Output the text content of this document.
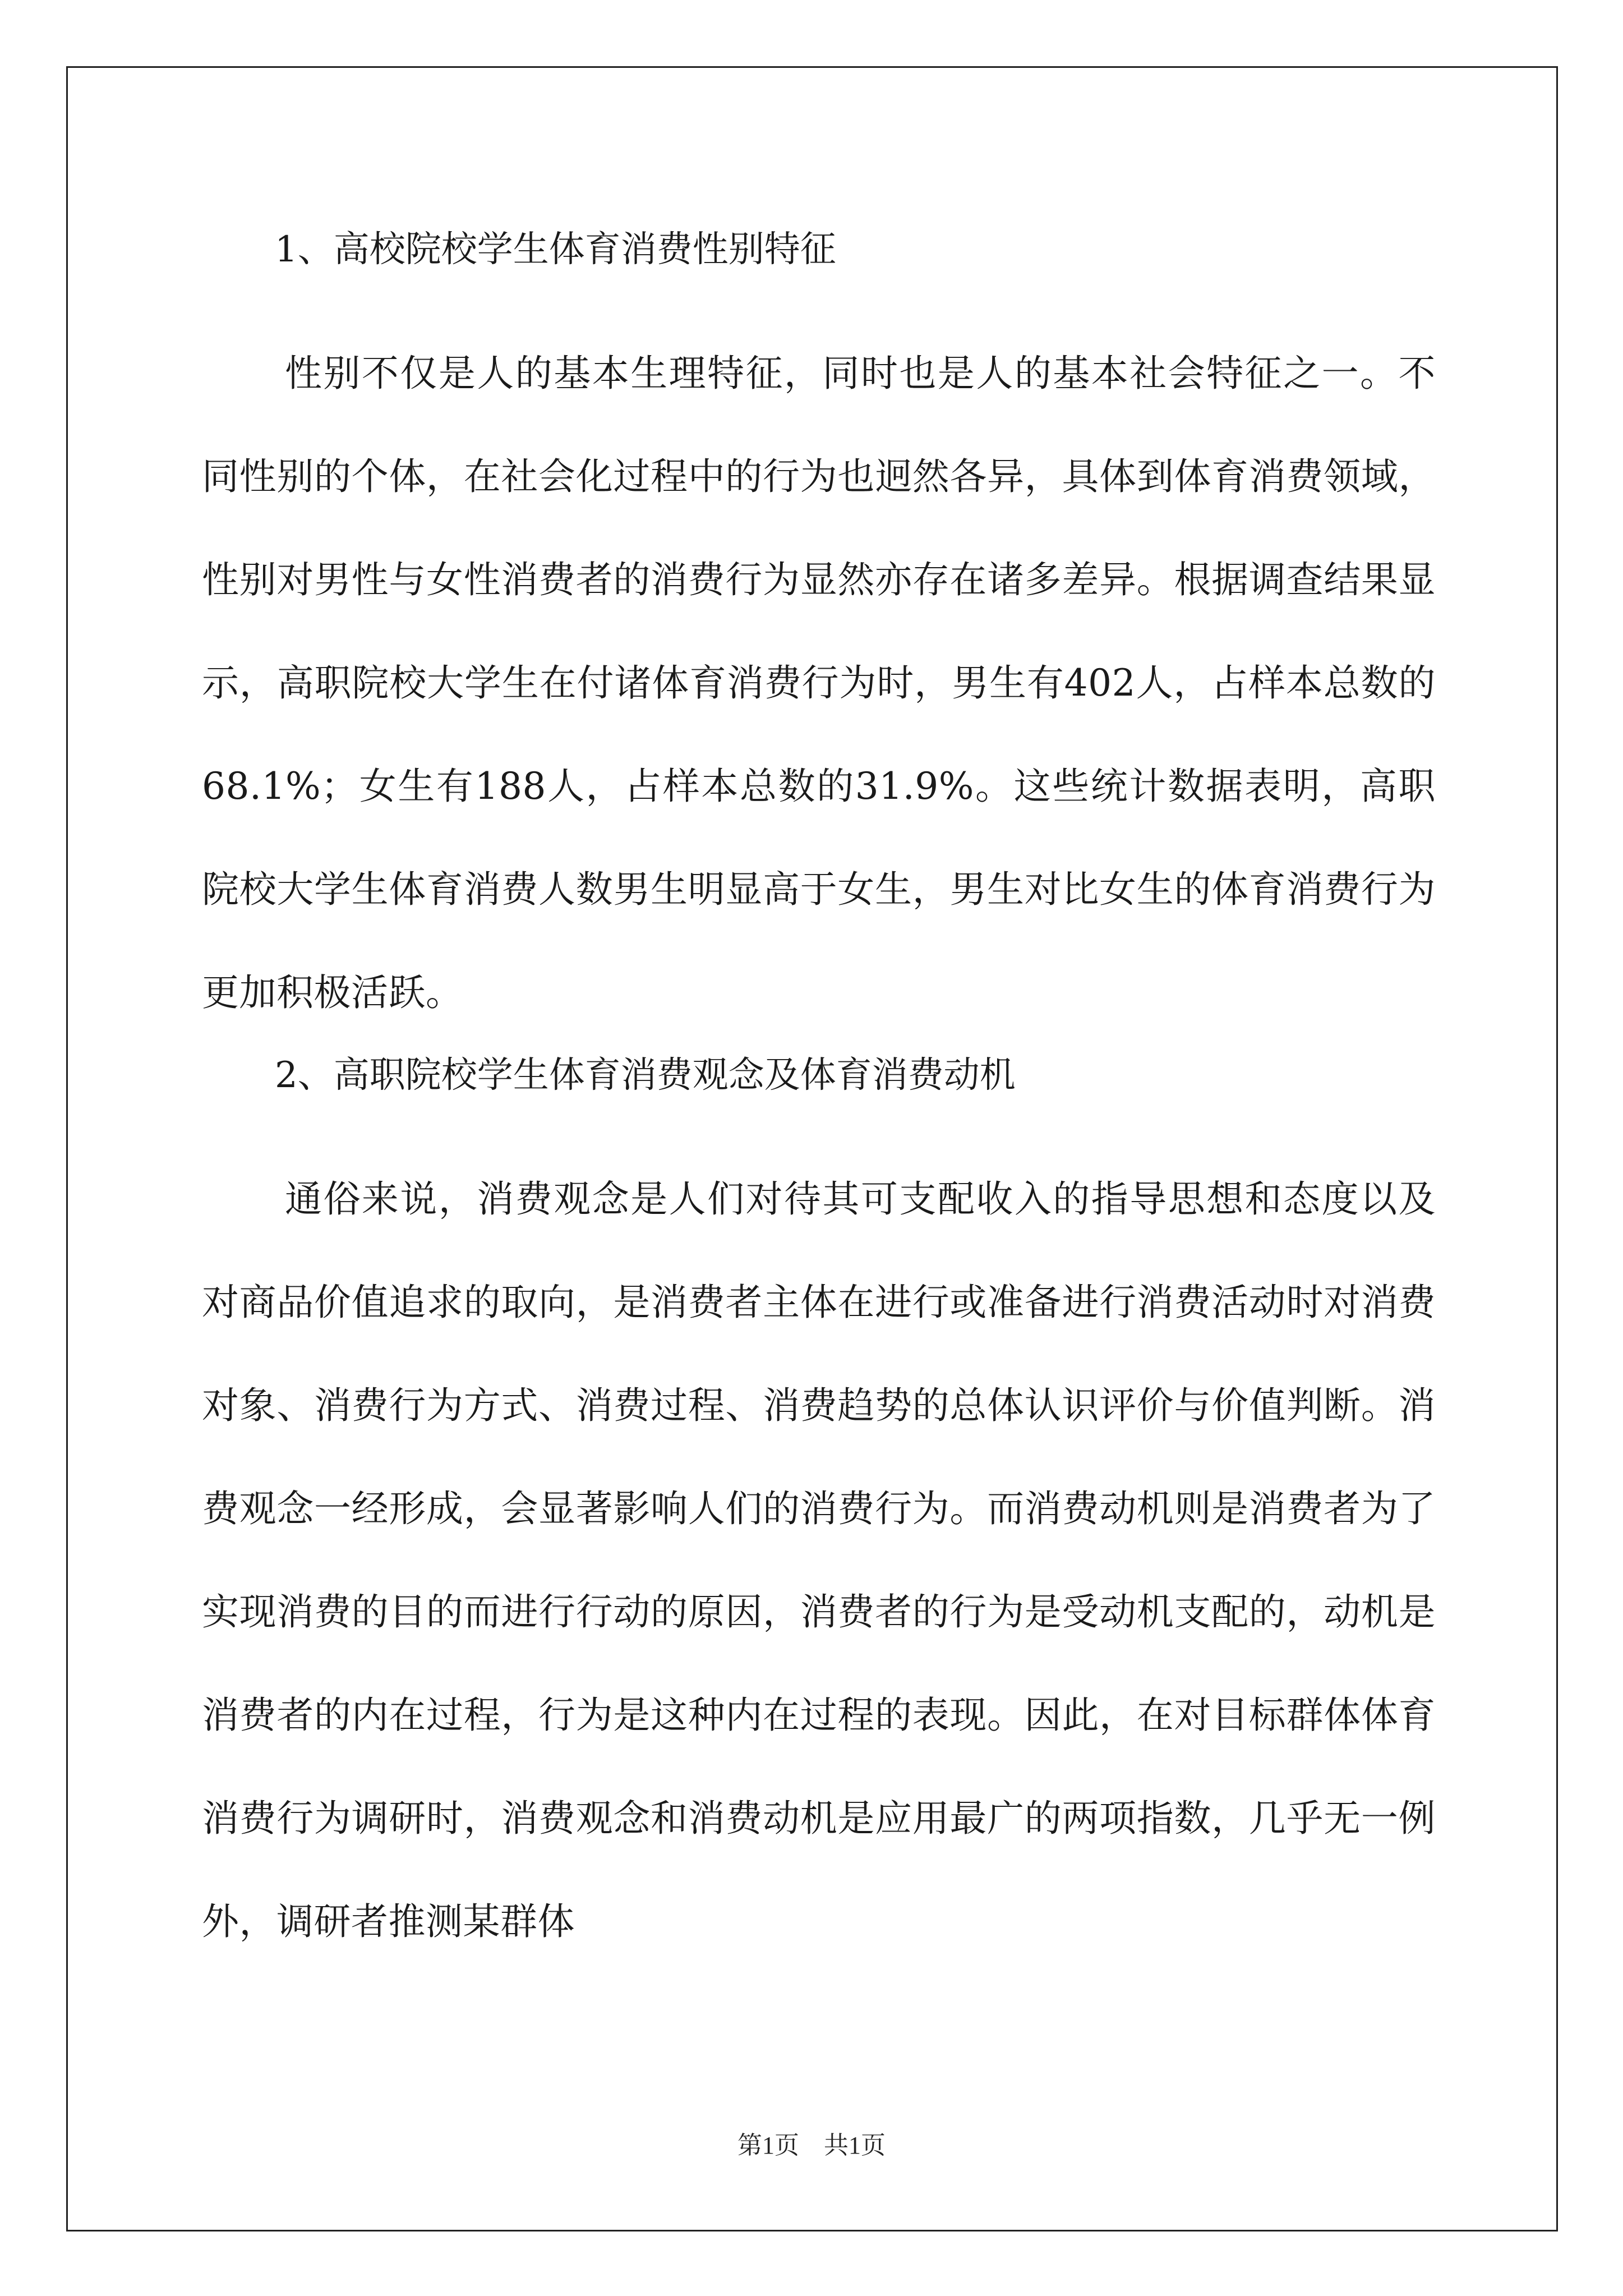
1、高校院校学生体育消费性别特征

性别不仅是人的基本生理特征，同时也是人的基本社会特征之一。不同性别的个体，在社会化过程中的行为也迥然各异，具体到体育消费领域，性别对男性与女性消费者的消费行为显然亦存在诸多差异。根据调查结果显示，高职院校大学生在付诸体育消费行为时，男生有402人，占样本总数的68.1%；女生有188人，占样本总数的31.9%。这些统计数据表明，高职院校大学生体育消费人数男生明显高于女生，男生对比女生的体育消费行为更加积极活跃。

2、高职院校学生体育消费观念及体育消费动机

通俗来说，消费观念是人们对待其可支配收入的指导思想和态度以及对商品价值追求的取向，是消费者主体在进行或准备进行消费活动时对消费对象、消费行为方式、消费过程、消费趋势的总体认识评价与价值判断。消费观念一经形成，会显著影响人们的消费行为。而消费动机则是消费者为了实现消费的目的而进行行动的原因，消费者的行为是受动机支配的，动机是消费者的内在过程，行为是这种内在过程的表现。因此，在对目标群体体育消费行为调研时，消费观念和消费动机是应用最广的两项指数，几乎无一例外，调研者推测某群体

第1页 共1页
